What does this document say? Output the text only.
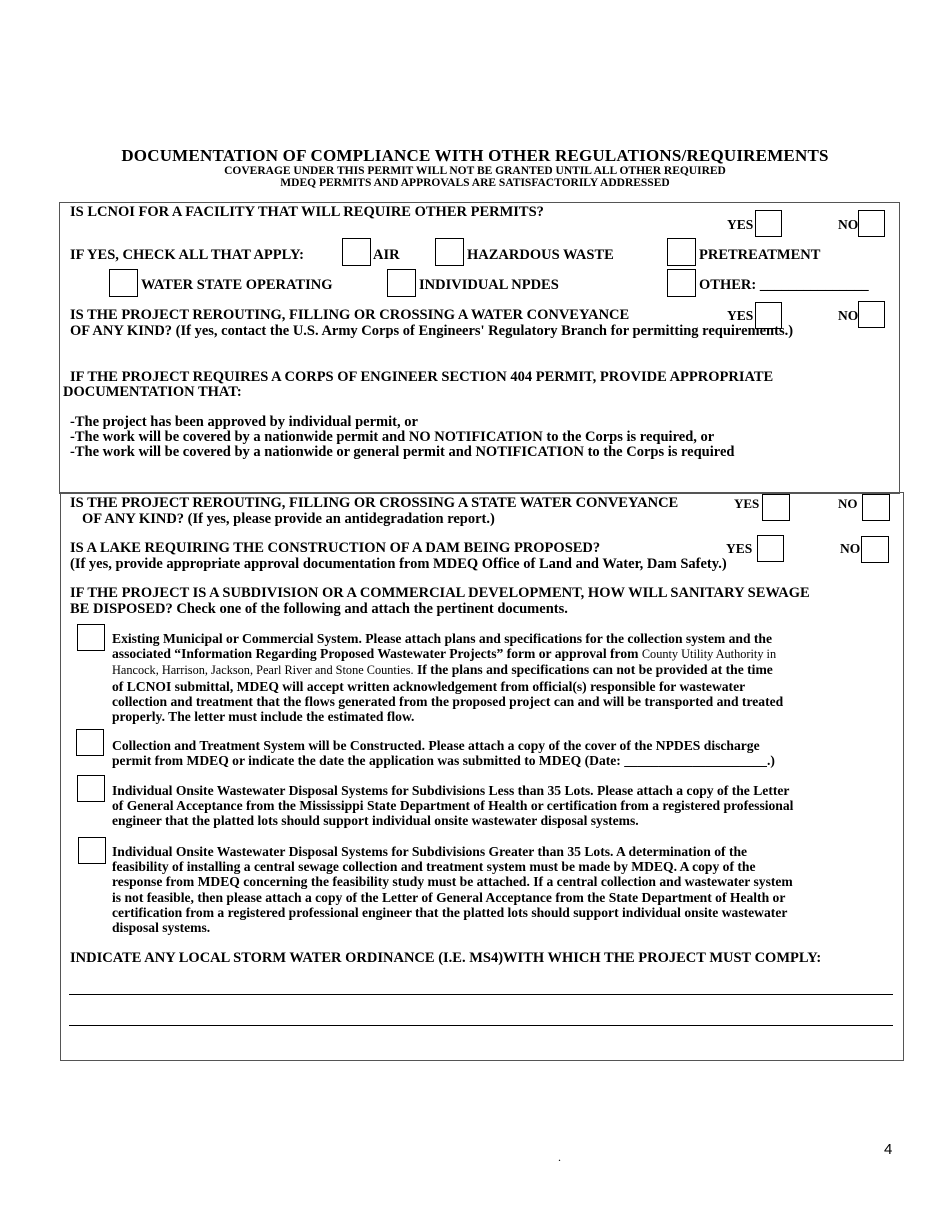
DOCUMENTATION OF COMPLIANCE WITH OTHER REGULATIONS/REQUIREMENTS
COVERAGE UNDER THIS PERMIT WILL NOT BE GRANTED UNTIL ALL OTHER REQUIRED
MDEQ PERMITS AND APPROVALS ARE SATISFACTORILY ADDRESSED
IS LCNOI FOR A FACILITY THAT WILL REQUIRE OTHER PERMITS?
YES	NO
IF YES, CHECK ALL THAT APPLY:	AIR	HAZARDOUS WASTE	PRETREATMENT
WATER STATE OPERATING	INDIVIDUAL NPDES	OTHER: _______________
IS THE PROJECT REROUTING, FILLING OR CROSSING A WATER CONVEYANCE
OF ANY KIND? (If yes, contact the U.S. Army Corps of Engineers' Regulatory Branch for permitting requirements.)
YES	NO
IF THE PROJECT REQUIRES A CORPS OF ENGINEER SECTION 404 PERMIT, PROVIDE APPROPRIATE
DOCUMENTATION THAT:
-The project has been approved by individual permit, or
-The work will be covered by a nationwide permit and NO NOTIFICATION to the Corps is required, or
-The work will be covered by a nationwide or general permit and NOTIFICATION to the Corps is required
IS THE PROJECT REROUTING, FILLING OR CROSSING A STATE WATER CONVEYANCE	YES	NO
OF ANY KIND? (If yes, please provide an antidegradation report.)
IS A LAKE REQUIRING THE CONSTRUCTION OF A DAM BEING PROPOSED?
(If yes, provide appropriate approval documentation from MDEQ Office of Land and Water, Dam Safety.)
YES	NO
IF THE PROJECT IS A SUBDIVISION OR A COMMERCIAL DEVELOPMENT, HOW WILL SANITARY SEWAGE
BE DISPOSED? Check one of the following and attach the pertinent documents.
Existing Municipal or Commercial System. Please attach plans and specifications for the collection system and the
associated “Information Regarding Proposed Wastewater Projects” form or approval from County Utility Authority in
Hancock, Harrison, Jackson, Pearl River and Stone Counties. If the plans and specifications can not be provided at the time
of LCNOI submittal, MDEQ will accept written acknowledgement from official(s) responsible for wastewater
collection and treatment that the flows generated from the proposed project can and will be transported and treated
properly. The letter must include the estimated flow.
Collection and Treatment System will be Constructed. Please attach a copy of the cover of the NPDES discharge
permit from MDEQ or indicate the date the application was submitted to MDEQ (Date: _____________________.)
Individual Onsite Wastewater Disposal Systems for Subdivisions Less than 35 Lots. Please attach a copy of the Letter
of General Acceptance from the Mississippi State Department of Health or certification from a registered professional
engineer that the platted lots should support individual onsite wastewater disposal systems.
Individual Onsite Wastewater Disposal Systems for Subdivisions Greater than 35 Lots. A determination of the
feasibility of installing a central sewage collection and treatment system must be made by MDEQ. A copy of the
response from MDEQ concerning the feasibility study must be attached. If a central collection and wastewater system
is not feasible, then please attach a copy of the Letter of General Acceptance from the State Department of Health or
certification from a registered professional engineer that the platted lots should support individual onsite wastewater
disposal systems.
INDICATE ANY LOCAL STORM WATER ORDINANCE (I.E. MS4)WITH WHICH THE PROJECT MUST COMPLY:
.	4
